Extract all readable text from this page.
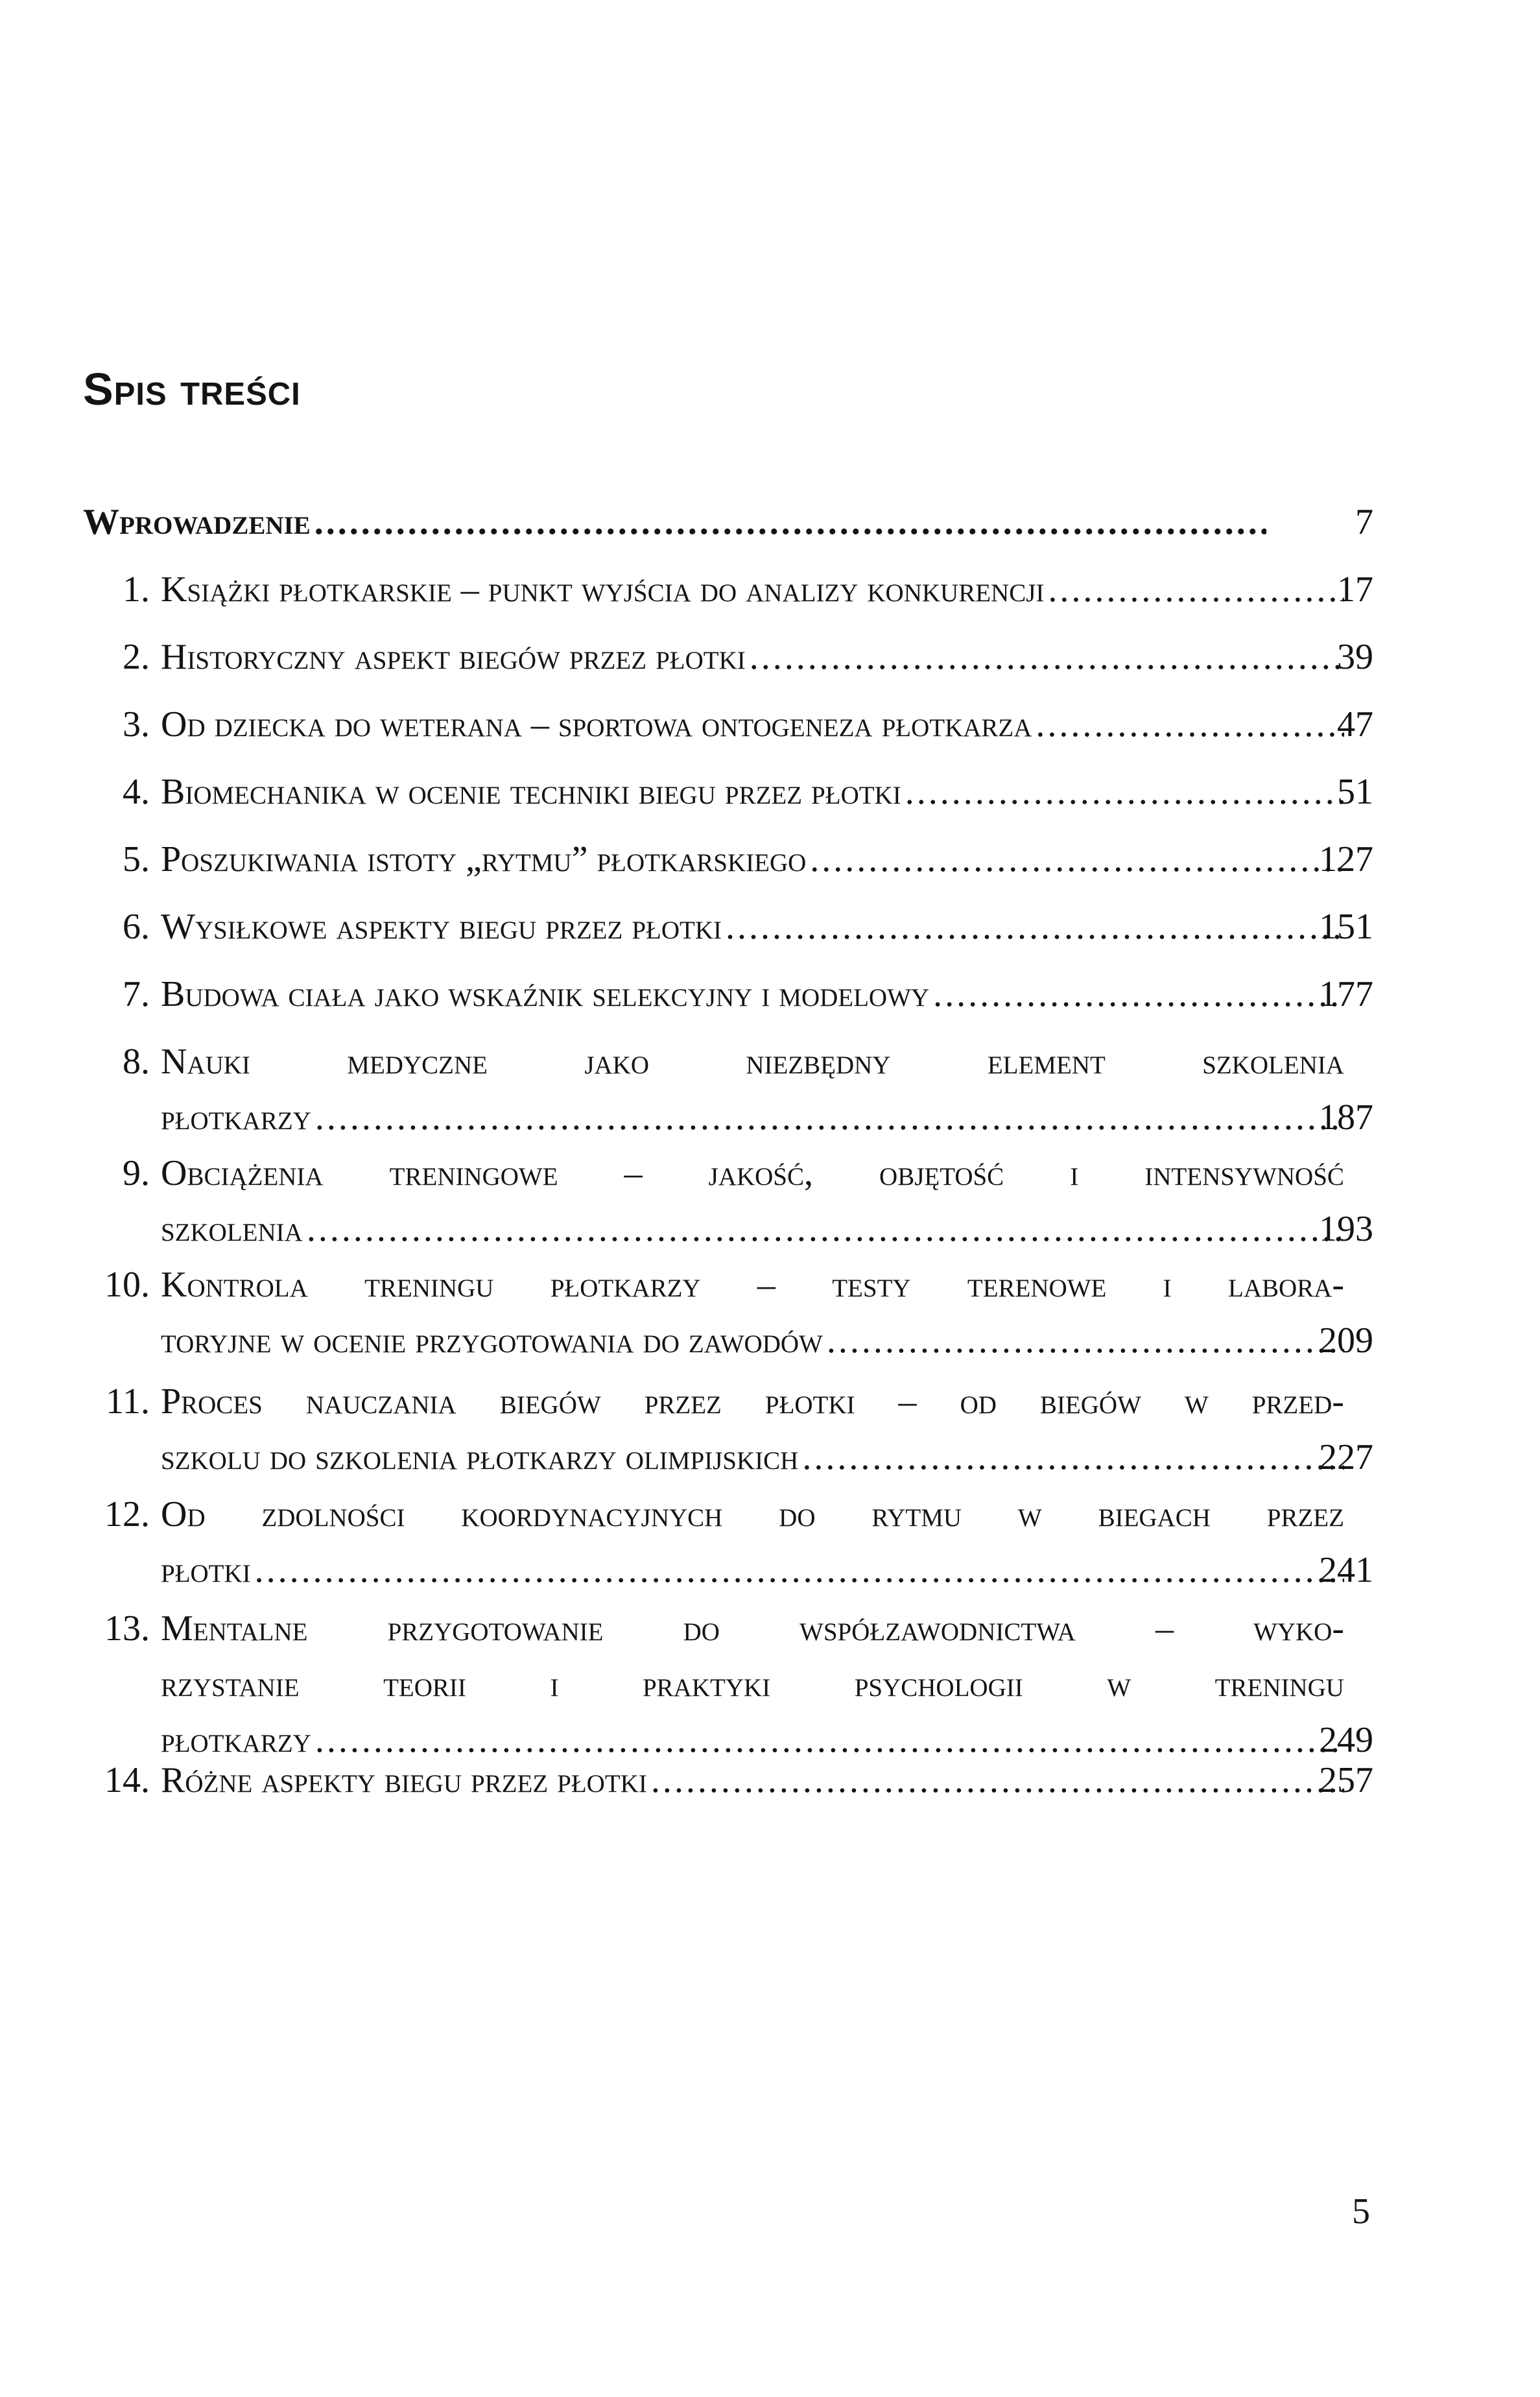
Spis treści
Wprowadzenie .....	7
1. Książki płotkarskie – punkt wyjścia do analizy konkurencji .....	17
2. Historyczny aspekt biegów przez płotki .....	39
3. Od dziecka do weterana – sportowa ontogeneza płotkarza .....	47
4. Biomechanika w ocenie techniki biegu przez płotki .....	51
5. Poszukiwania istoty „rytmu” płotkarskiego .....	127
6. Wysiłkowe aspekty biegu przez płotki .....	151
7. Budowa ciała jako wskaźnik selekcyjny i modelowy .....	177
8. Nauki	medyczne	jako	niezbędny	element	szkolenia
płotkarzy .....	187
9. Obciążenia treningowe – jakość, objętość i intensywność
szkolenia .....	193
10. Kontrola treningu płotkarzy – testy terenowe i labora-
toryjne w ocenie przygotowania do zawodów .....	209
11. Proces nauczania biegów przez płotki – od biegów w przed-
szkolu do szkolenia płotkarzy olimpijskich .....	227
12. Od zdolności koordynacyjnych do rytmu w biegach przez
płotki .....	241
13. Mentalne przygotowanie do współzawodnictwa – wyko-
rzystanie teorii i praktyki psychologii w treningu
płotkarzy .....	249
14. Różne aspekty biegu przez płotki .....	257
5
